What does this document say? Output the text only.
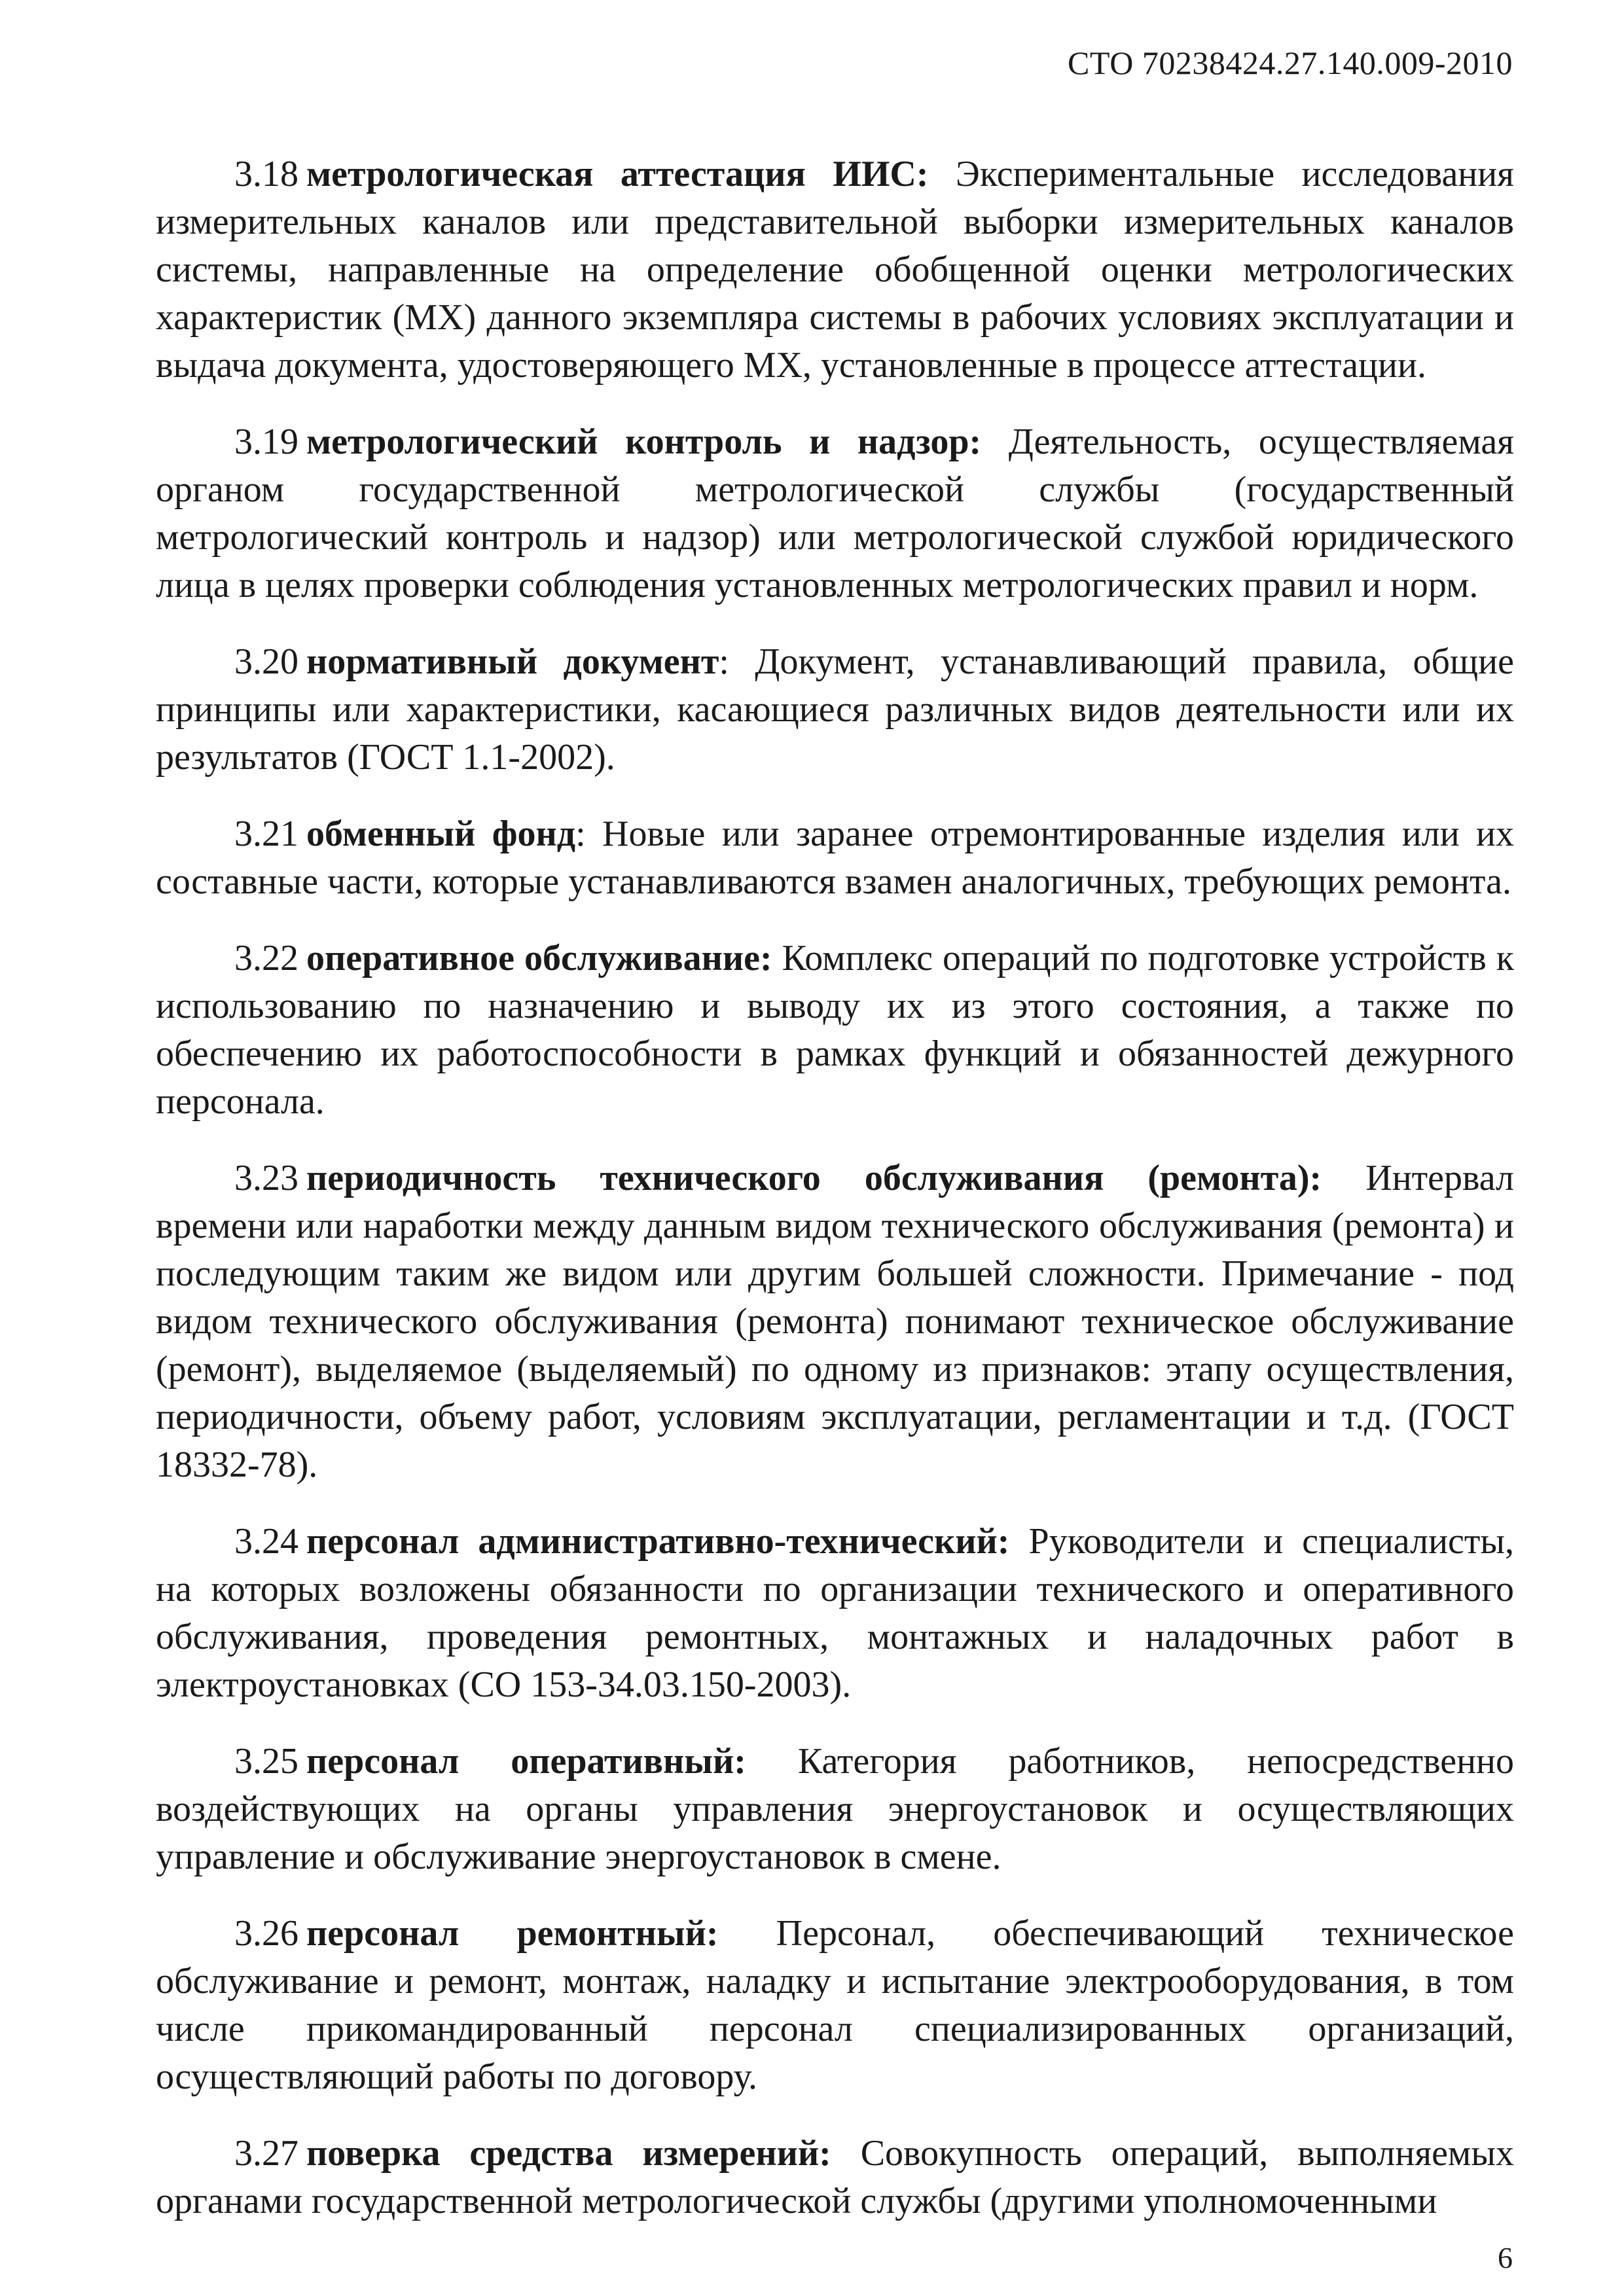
СТО 70238424.27.140.009-2010

3.18 метрологическая аттестация ИИС: Экспериментальные исследования измерительных каналов или представительной выборки измерительных каналов системы, направленные на определение обобщенной оценки метрологических характеристик (МХ) данного экземпляра системы в рабочих условиях эксплуатации и выдача документа, удостоверяющего МХ, установленные в процессе аттестации.

3.19 метрологический контроль и надзор: Деятельность, осуществляемая органом государственной метрологической службы (государственный метрологический контроль и надзор) или метрологической службой юридического лица в целях проверки соблюдения установленных метрологических правил и норм.

3.20 нормативный документ: Документ, устанавливающий правила, общие принципы или характеристики, касающиеся различных видов деятельности или их результатов (ГОСТ 1.1-2002).

3.21 обменный фонд: Новые или заранее отремонтированные изделия или их составные части, которые устанавливаются взамен аналогичных, требующих ремонта.

3.22 оперативное обслуживание: Комплекс операций по подготовке устройств к использованию по назначению и выводу их из этого состояния, а также по обеспечению их работоспособности в рамках функций и обязанностей дежурного персонала.

3.23 периодичность технического обслуживания (ремонта): Интервал времени или наработки между данным видом технического обслуживания (ремонта) и последующим таким же видом или другим большей сложности. Примечание - под видом технического обслуживания (ремонта) понимают техническое обслуживание (ремонт), выделяемое (выделяемый) по одному из признаков: этапу осуществления, периодичности, объему работ, условиям эксплуатации, регламентации и т.д. (ГОСТ 18332-78).

3.24 персонал административно-технический: Руководители и специалисты, на которых возложены обязанности по организации технического и оперативного обслуживания, проведения ремонтных, монтажных и наладочных работ в электроустановках (СО 153-34.03.150-2003).

3.25 персонал оперативный: Категория работников, непосредственно воздействующих на органы управления энергоустановок и осуществляющих управление и обслуживание энергоустановок в смене.

3.26 персонал ремонтный: Персонал, обеспечивающий техническое обслуживание и ремонт, монтаж, наладку и испытание электрооборудования, в том числе прикомандированный персонал специализированных организаций, осуществляющий работы по договору.

3.27 поверка средства измерений: Совокупность операций, выполняемых органами государственной метрологической службы (другими уполномоченными

6
